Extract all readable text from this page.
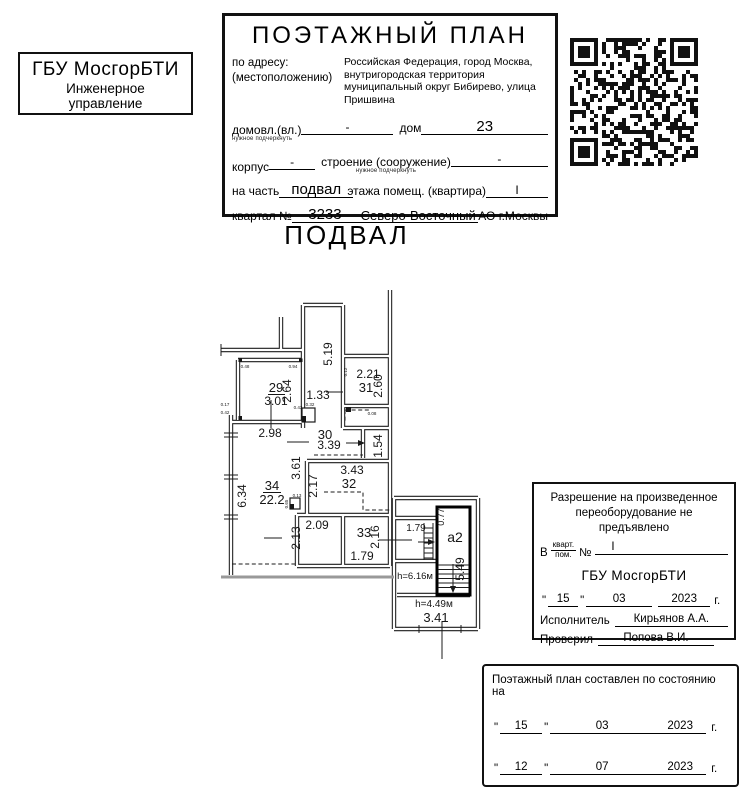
ГБУ МосгорБТИ
Инженерное
управление
ПОЭТАЖНЫЙ ПЛАН
по адресу:
(местоположению)
Российская Федерация, город Москва,
внутригородская территория
муниципальный округ Бибирево, улица
Пришвина
домовл.(вл.)
нужное подчеркнуть
-	дом	23
корпус	-	строение (сооружение)
нужное подчеркнуть
-
на часть подвал этажа помещ. (квартира)	I
квартал №	3233	Северо-Восточный АО г.Москвы
ПОДВАЛ
29
3.01
2.64
2.98
5.19
1.33
2.21
31
2.60
30
3.39	1.54
3.61	3.43
32
2.17
34
22.2
6.34
2.09
2.13	33
2.16
1.79
1.79
0.77
a2
5.49
h=6.16м
h=4.49м
3.41
0.48	0.94
0.17
0.42
0.43
0.32
0.12
0.08
0.65
0.13	Разрешение на произведенное
переоборудование не предъявлено
В $\frac{\text{кварт.}}{\text{пом.}}$ №	I
ГБУ МосгорБТИ
" 15 "	03	2023	г.
Исполнитель	Кирьянов А.А.
Проверил	Попова В.И.
Поэтажный план составлен по состоянию на
"	15	"	03	2023	г.
"	12	"	07	2023	г.
